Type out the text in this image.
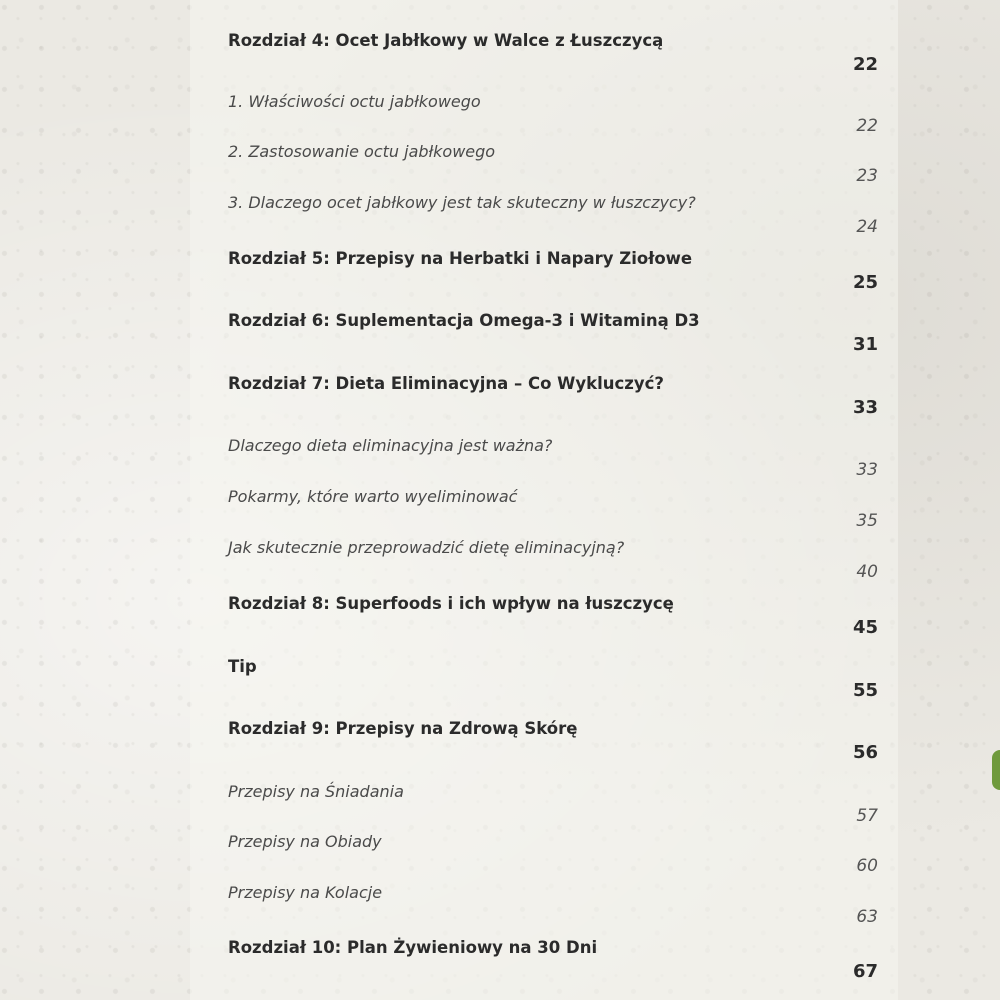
Rozdział 4: Ocet Jabłkowy w Walce z Łuszczycą
22
1. Właściwości octu jabłkowego
22
2. Zastosowanie octu jabłkowego
23
3. Dlaczego ocet jabłkowy jest tak skuteczny w łuszczycy?
24
Rozdział 5: Przepisy na Herbatki i Napary Ziołowe
25
Rozdział 6: Suplementacja Omega-3 i Witaminą D3
31
Rozdział 7: Dieta Eliminacyjna – Co Wykluczyć?
33
Dlaczego dieta eliminacyjna jest ważna?
33
Pokarmy, które warto wyeliminować
35
Jak skutecznie przeprowadzić dietę eliminacyjną?
40
Rozdział 8: Superfoods i ich wpływ na łuszczycę
45
Tip
55
Rozdział 9: Przepisy na Zdrową Skórę
56
Przepisy na Śniadania
57
Przepisy na Obiady
60
Przepisy na Kolacje
63
Rozdział 10: Plan Żywieniowy na 30 Dni
67
